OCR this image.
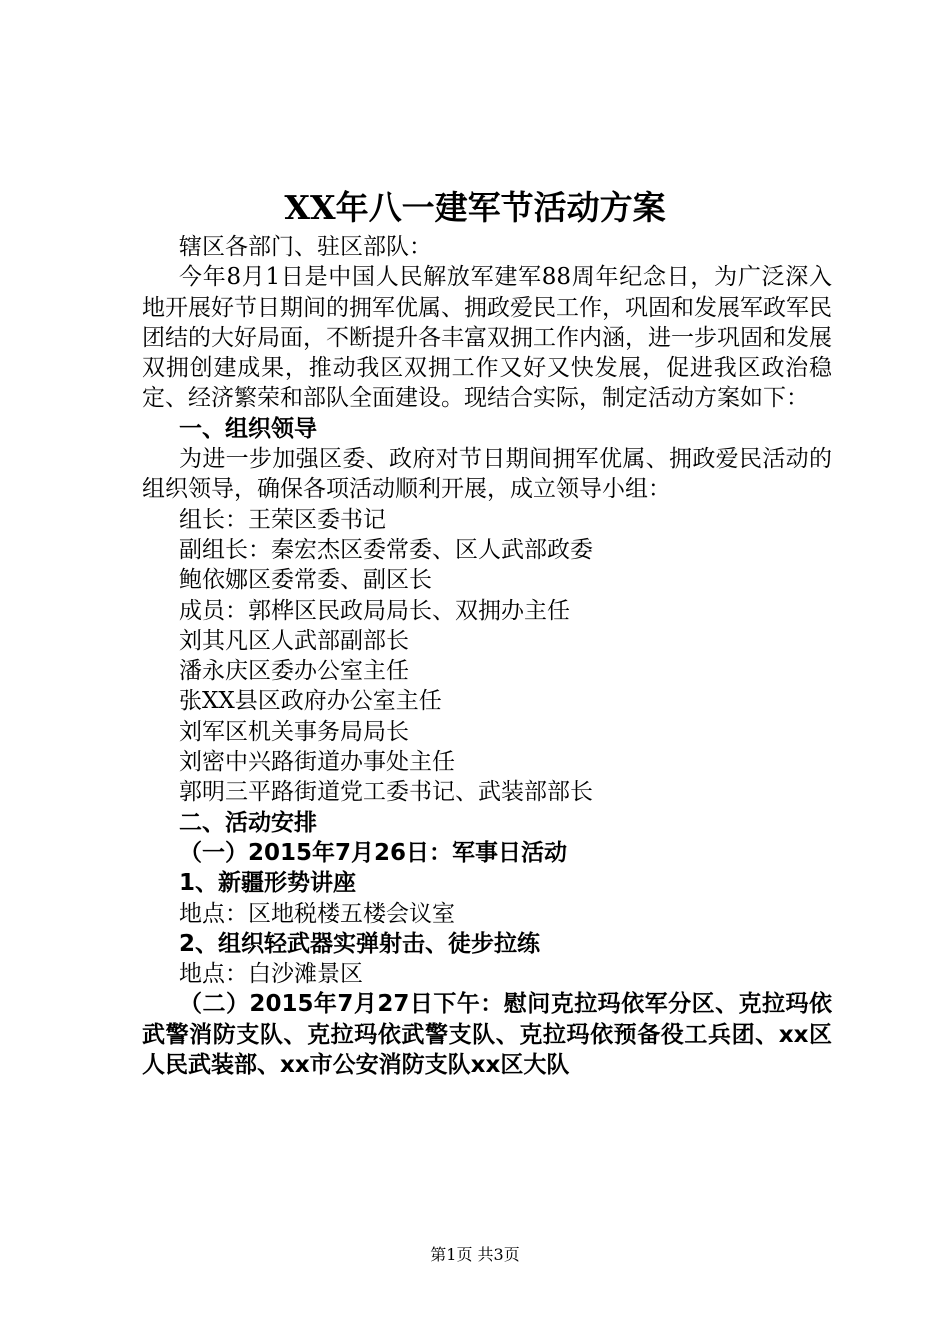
XX年八一建军节活动方案

辖区各部门、驻区部队：

今年8月1日是中国人民解放军建军88周年纪念日，为广泛深入地开展好节日期间的拥军优属、拥政爱民工作，巩固和发展军政军民团结的大好局面，不断提升各丰富双拥工作内涵，进一步巩固和发展双拥创建成果，推动我区双拥工作又好又快发展，促进我区政治稳定、经济繁荣和部队全面建设。现结合实际，制定活动方案如下：

一、组织领导

为进一步加强区委、政府对节日期间拥军优属、拥政爱民活动的组织领导，确保各项活动顺利开展，成立领导小组：

组长：王荣区委书记

副组长：秦宏杰区委常委、区人武部政委

鲍依娜区委常委、副区长

成员：郭桦区民政局局长、双拥办主任

刘其凡区人武部副部长

潘永庆区委办公室主任

张XX县区政府办公室主任

刘军区机关事务局局长

刘密中兴路街道办事处主任

郭明三平路街道党工委书记、武装部部长

二、活动安排

（一）2015年7月26日：军事日活动

1、新疆形势讲座

地点：区地税楼五楼会议室

2、组织轻武器实弹射击、徒步拉练

地点：白沙滩景区

（二）2015年7月27日下午：慰问克拉玛依军分区、克拉玛依武警消防支队、克拉玛依武警支队、克拉玛依预备役工兵团、xx区人民武装部、xx市公安消防支队xx区大队

第1页 共3页
